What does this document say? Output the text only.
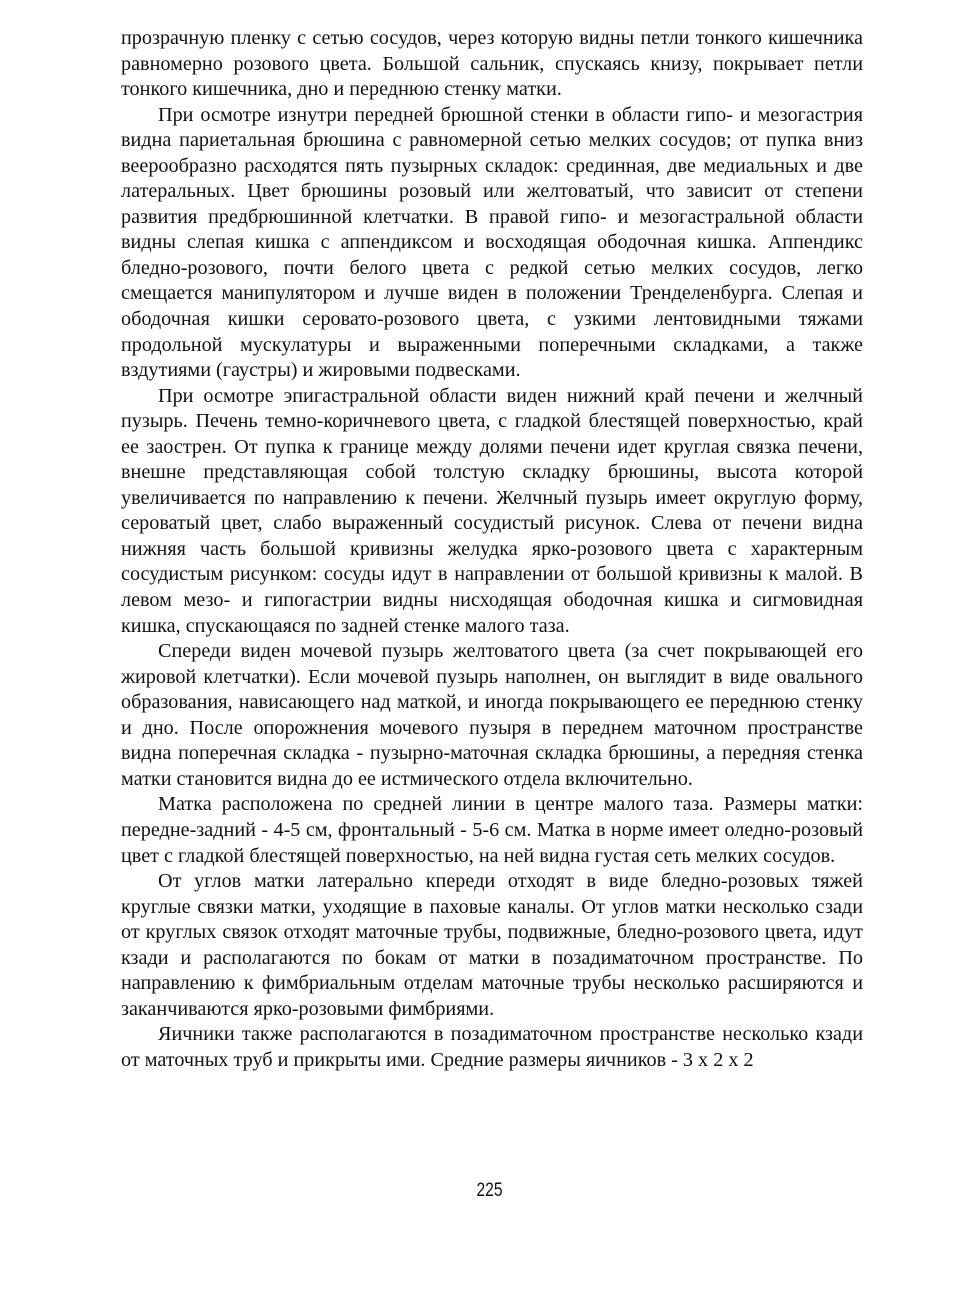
прозрачную пленку с сетью сосудов, через которую видны петли тонкого кишечника равномерно розового цвета. Большой сальник, спускаясь книзу, покрывает петли тонкого кишечника, дно и переднюю стенку матки.

При осмотре изнутри передней брюшной стенки в области гипо- и мезогастрия видна париетальная брюшина с равномерной сетью мелких сосудов; от пупка вниз веерообразно расходятся пять пузырных складок: срединная, две медиальных и две латеральных. Цвет брюшины розовый или желтоватый, что зависит от степени развития предбрюшинной клетчатки. В правой гипо- и мезогастральной области видны слепая кишка с аппендиксом и восходящая ободочная кишка. Аппендикс бледно-розового, почти белого цвета с редкой сетью мелких сосудов, легко смещается манипулятором и лучше виден в положении Тренделенбурга. Слепая и ободочная кишки серовато-розового цвета, с узкими лентовидными тяжами продольной мускулатуры и выраженными поперечными складками, а также вздутиями (гаустры) и жировыми подвесками.

При осмотре эпигастральной области виден нижний край печени и желчный пузырь. Печень темно-коричневого цвета, с гладкой блестящей поверхностью, край ее заострен. От пупка к границе между долями печени идет круглая связка печени, внешне представляющая собой толстую складку брюшины, высота которой увеличивается по направлению к печени. Желчный пузырь имеет округлую форму, сероватый цвет, слабо выраженный сосудистый рисунок. Слева от печени видна нижняя часть большой кривизны желудка ярко-розового цвета с характерным сосудистым рисунком: сосуды идут в направлении от большой кривизны к малой. В левом мезо- и гипогастрии видны нисходящая ободочная кишка и сигмовидная кишка, спускающаяся по задней стенке малого таза.

Спереди виден мочевой пузырь желтоватого цвета (за счет покрывающей его жировой клетчатки). Если мочевой пузырь наполнен, он выглядит в виде овального образования, нависающего над маткой, и иногда покрывающего ее переднюю стенку и дно. После опорожнения мочевого пузыря в переднем маточном пространстве видна поперечная складка - пузырно-маточная складка брюшины, а передняя стенка матки становится видна до ее истмического отдела включительно.

Матка расположена по средней линии в центре малого таза. Размеры матки: передне-задний - 4-5 см, фронтальный - 5-6 см. Матка в норме имеет оледно-розовый цвет с гладкой блестящей поверхностью, на ней видна густая сеть мелких сосудов.

От углов матки латерально кпереди отходят в виде бледно-розовых тяжей круглые связки матки, уходящие в паховые каналы. От углов матки несколько сзади от круглых связок отходят маточные трубы, подвижные, бледно-розового цвета, идут кзади и располагаются по бокам от матки в позадиматочном пространстве. По направлению к фимбриальным отделам маточные трубы несколько расширяются и заканчиваются ярко-розовыми фимбриями.

Яичники также располагаются в позадиматочном пространстве несколько кзади от маточных труб и прикрыты ими. Средние размеры яичников - 3 х 2 х 2

225
